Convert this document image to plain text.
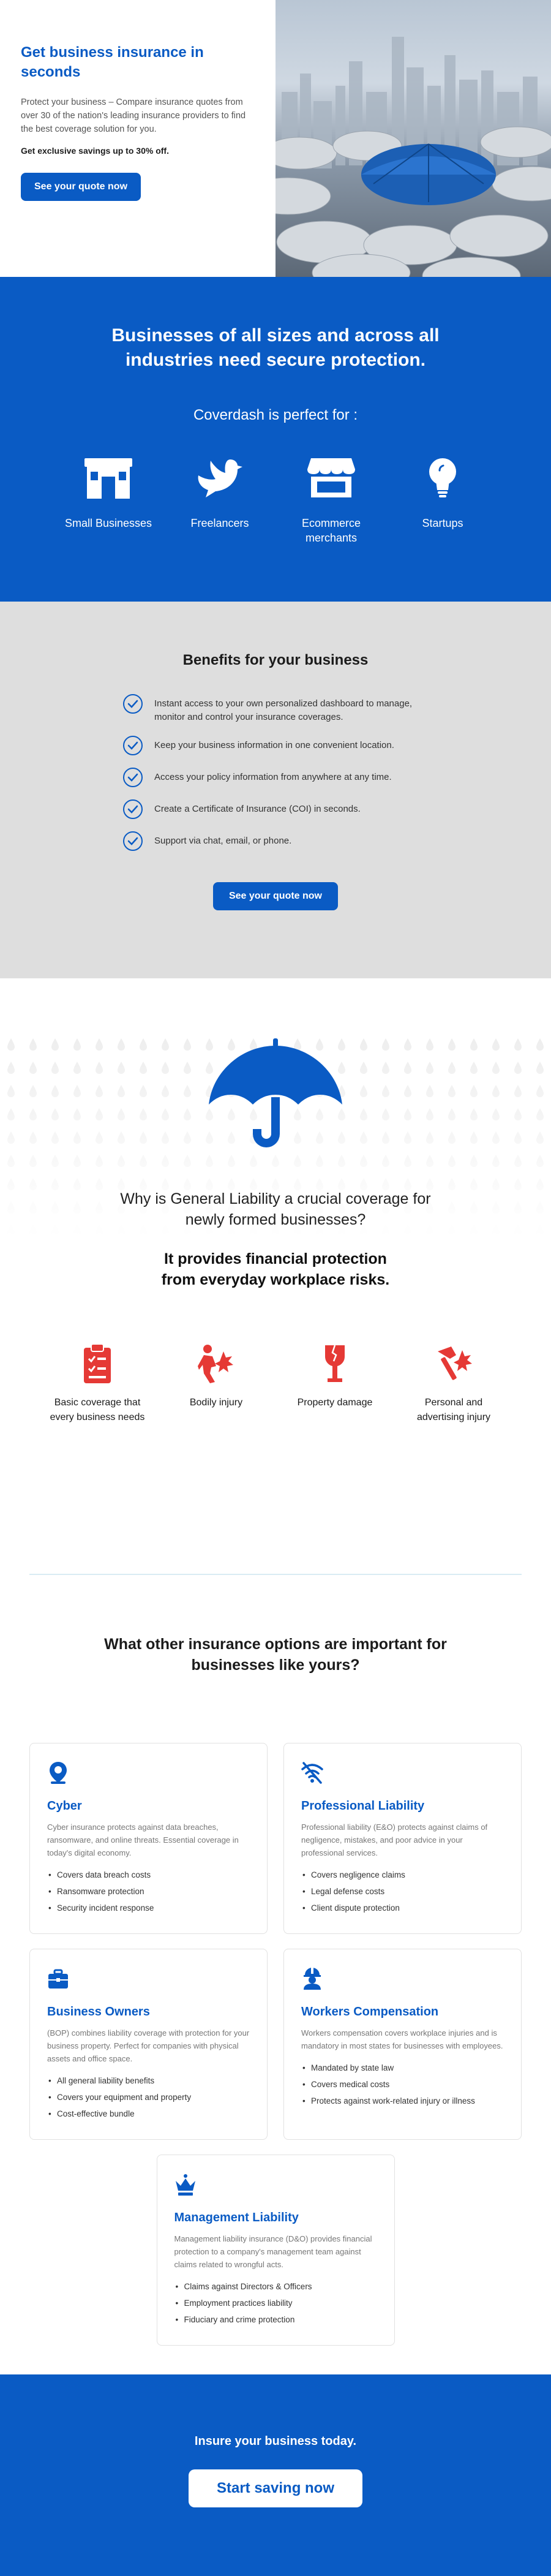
Get business insurance in seconds

Protect your business – Compare insurance quotes from over 30 of the nation's leading insurance providers to find the best coverage solution for you.

Get exclusive savings up to 30% off.

See your quote now
Businesses of all sizes and across all industries need secure protection.

Coverdash is perfect for :

Small Businesses	Freelancers	Ecommerce merchants
Startups
Benefits for your business
Instant access to your own personalized dashboard to manage, monitor and control your insurance coverages.
Keep your business information in one convenient location.
Access your policy information from anywhere at any time.
Create a Certificate of Insurance (COI) in seconds.
Support via chat, email, or phone.
See your quote now

Why is General Liability a crucial coverage for newly formed businesses?

It provides financial protection from everyday workplace risks.

Basic coverage that every business needs
Bodily injury	Property damage	Personal and advertising injury
What other insurance options are important for businesses like yours?
Cyber

Cyber insurance protects against data breaches, ransomware, and online threats. Essential coverage in today's digital economy.

• Covers data breach costs
• Ransomware protection
• Security incident response
Professional Liability

Professional liability (E&O) protects against claims of negligence, mistakes, and poor advice in your professional services.

• Covers negligence claims
• Legal defense costs
• Client dispute protection
Business Owners

(BOP) combines liability coverage with protection for your business property. Perfect for companies with physical assets and office space.

• All general liability benefits
• Covers your equipment and property
• Cost-effective bundle
Workers Compensation

Workers compensation covers workplace injuries and is mandatory in most states for businesses with employees.

• Mandated by state law
• Covers medical costs
• Protects against work-related injury or illness
Management Liability

Management liability insurance (D&O) provides financial protection to a company's management team against claims related to wrongful acts.

• Claims against Directors & Officers
• Employment practices liability
• Fiduciary and crime protection

Insure your business today.

Start saving now
